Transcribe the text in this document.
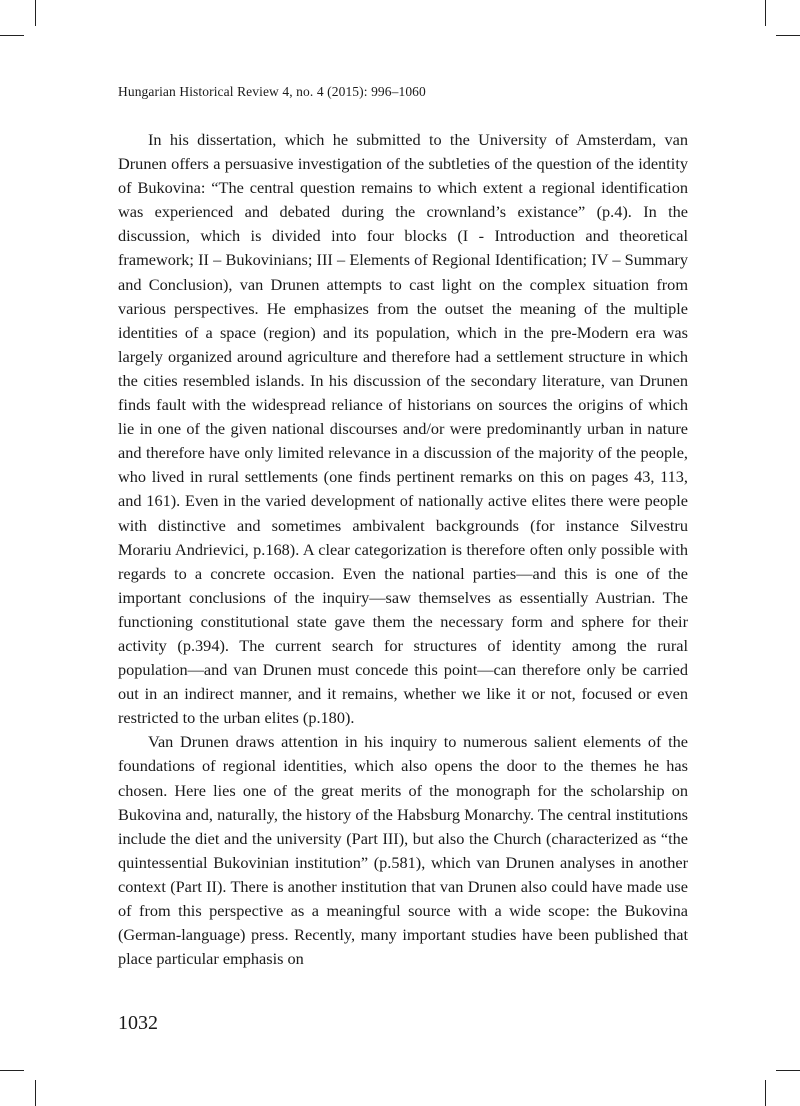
Hungarian Historical Review 4, no. 4 (2015): 996–1060

In his dissertation, which he submitted to the University of Amsterdam, van Drunen offers a persuasive investigation of the subtleties of the question of the identity of Bukovina: “The central question remains to which extent a regional identification was experienced and debated during the crownland’s existance” (p.4). In the discussion, which is divided into four blocks (I - Introduction and theoretical framework; II – Bukovinians; III – Elements of Regional Identification; IV – Summary and Conclusion), van Drunen attempts to cast light on the complex situation from various perspectives. He emphasizes from the outset the meaning of the multiple identities of a space (region) and its population, which in the pre-Modern era was largely organized around agriculture and therefore had a settlement structure in which the cities resembled islands. In his discussion of the secondary literature, van Drunen finds fault with the widespread reliance of historians on sources the origins of which lie in one of the given national discourses and/or were predominantly urban in nature and therefore have only limited relevance in a discussion of the majority of the people, who lived in rural settlements (one finds pertinent remarks on this on pages 43, 113, and 161). Even in the varied development of nationally active elites there were people with distinctive and sometimes ambivalent backgrounds (for instance Silvestru Morariu Andrievici, p.168). A clear categorization is therefore often only possible with regards to a concrete occasion. Even the national parties—and this is one of the important conclusions of the inquiry—saw themselves as essentially Austrian. The functioning constitutional state gave them the necessary form and sphere for their activity (p.394). The current search for structures of identity among the rural population—and van Drunen must concede this point—can therefore only be carried out in an indirect manner, and it remains, whether we like it or not, focused or even restricted to the urban elites (p.180).

Van Drunen draws attention in his inquiry to numerous salient elements of the foundations of regional identities, which also opens the door to the themes he has chosen. Here lies one of the great merits of the monograph for the scholarship on Bukovina and, naturally, the history of the Habsburg Monarchy. The central institutions include the diet and the university (Part III), but also the Church (characterized as “the quintessential Bukovinian institution” (p.581), which van Drunen analyses in another context (Part II). There is another institution that van Drunen also could have made use of from this perspective as a meaningful source with a wide scope: the Bukovina (German-language) press. Recently, many important studies have been published that place particular emphasis on

1032
